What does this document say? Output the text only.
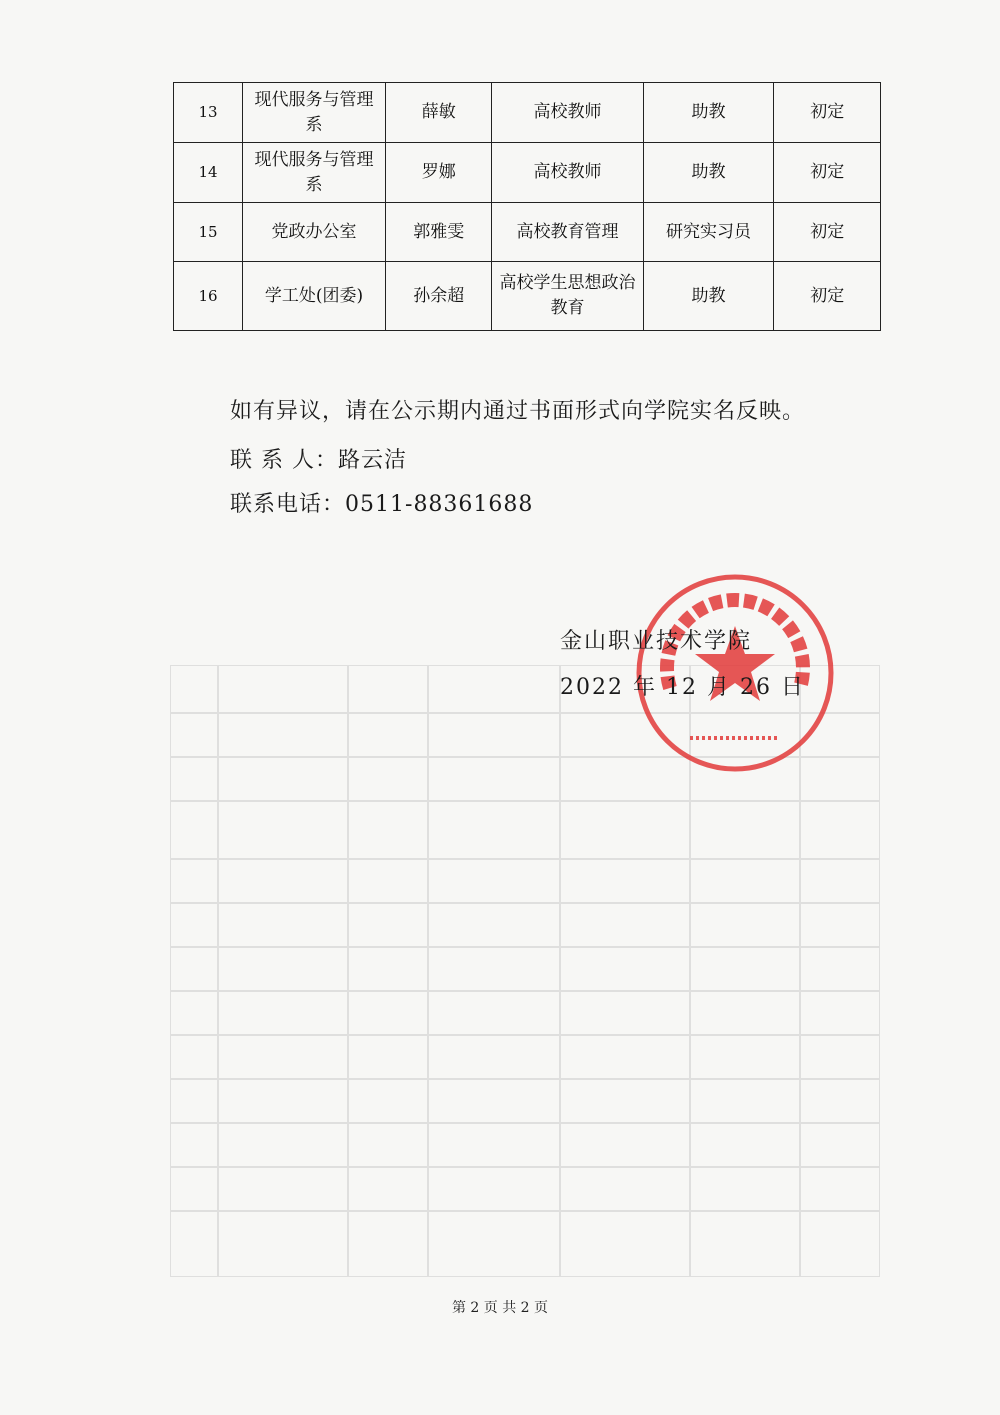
13	现代服务与管理系	薛敏	高校教师	助教	初定
14	现代服务与管理系	罗娜	高校教师	助教	初定
15	党政办公室	郭雅雯	高校教育管理	研究实习员	初定
16	学工处(团委)	孙余超	高校学生思想政治教育	助教	初定
如有异议，请在公示期内通过书面形式向学院实名反映。
联 系 人：路云洁
联系电话：0511-88361688
金山职业技术学院
2022 年 12 月 26 日
第 2 页 共 2 页
